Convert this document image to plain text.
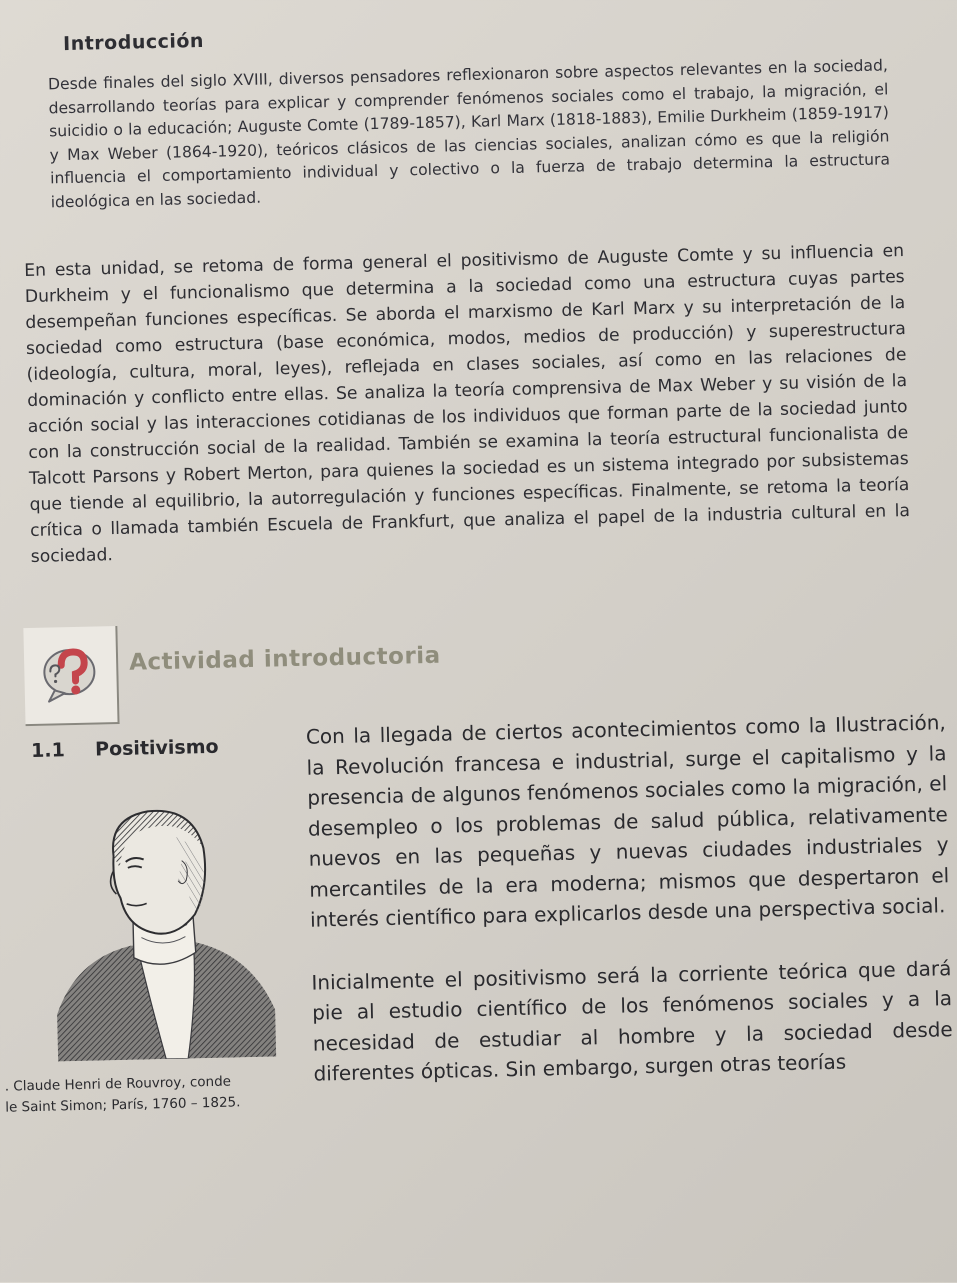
Introducción
Desde finales del siglo XVIII, diversos pensadores reflexionaron sobre aspectos relevantes en la sociedad, desarrollando teorías para explicar y comprender fenómenos sociales como el trabajo, la migración, el suicidio o la educación; Auguste Comte (1789-1857), Karl Marx (1818-1883), Emilie Durkheim (1859-1917) y Max Weber (1864-1920), teóricos clásicos de las ciencias sociales, analizan cómo es que la religión influencia el comportamiento individual y colectivo o la fuerza de trabajo determina la estructura ideológica en las sociedad.
En esta unidad, se retoma de forma general el positivismo de Auguste Comte y su influencia en Durkheim y el funcionalismo que determina a la sociedad como una estructura cuyas partes desempeñan funciones específicas. Se aborda el marxismo de Karl Marx y su interpretación de la sociedad como estructura (base económica, modos, medios de producción) y superestructura (ideología, cultura, moral, leyes), reflejada en clases sociales, así como en las relaciones de dominación y conflicto entre ellas. Se analiza la teoría comprensiva de Max Weber y su visión de la acción social y las interacciones cotidianas de los individuos que forman parte de la sociedad junto con la construcción social de la realidad. También se examina la teoría estructural funcionalista de Talcott Parsons y Robert Merton, para quienes la sociedad es un sistema integrado por subsistemas que tiende al equilibrio, la autorregulación y funciones específicas. Finalmente, se retoma la teoría crítica o llamada también Escuela de Frankfurt, que analiza el papel de la industria cultural en la sociedad.
Actividad introductoria
1.1 Positivismo
. Claude Henri de Rouvroy, conde
le Saint Simon; París, 1760 – 1825.

Con la llegada de ciertos acontecimientos como la Ilustración, la Revolución francesa e industrial, surge el capitalismo y la presencia de algunos fenómenos sociales como la migración, el desempleo o los problemas de salud pública, relativamente nuevos en las pequeñas y nuevas ciudades industriales y mercantiles de la era moderna; mismos que despertaron el interés científico para explicarlos desde una perspectiva social.

Inicialmente el positivismo será la corriente teórica que dará pie al estudio científico de los fenómenos sociales y a la necesidad de estudiar al hombre y la sociedad desde diferentes ópticas. Sin embargo, surgen otras teorías
